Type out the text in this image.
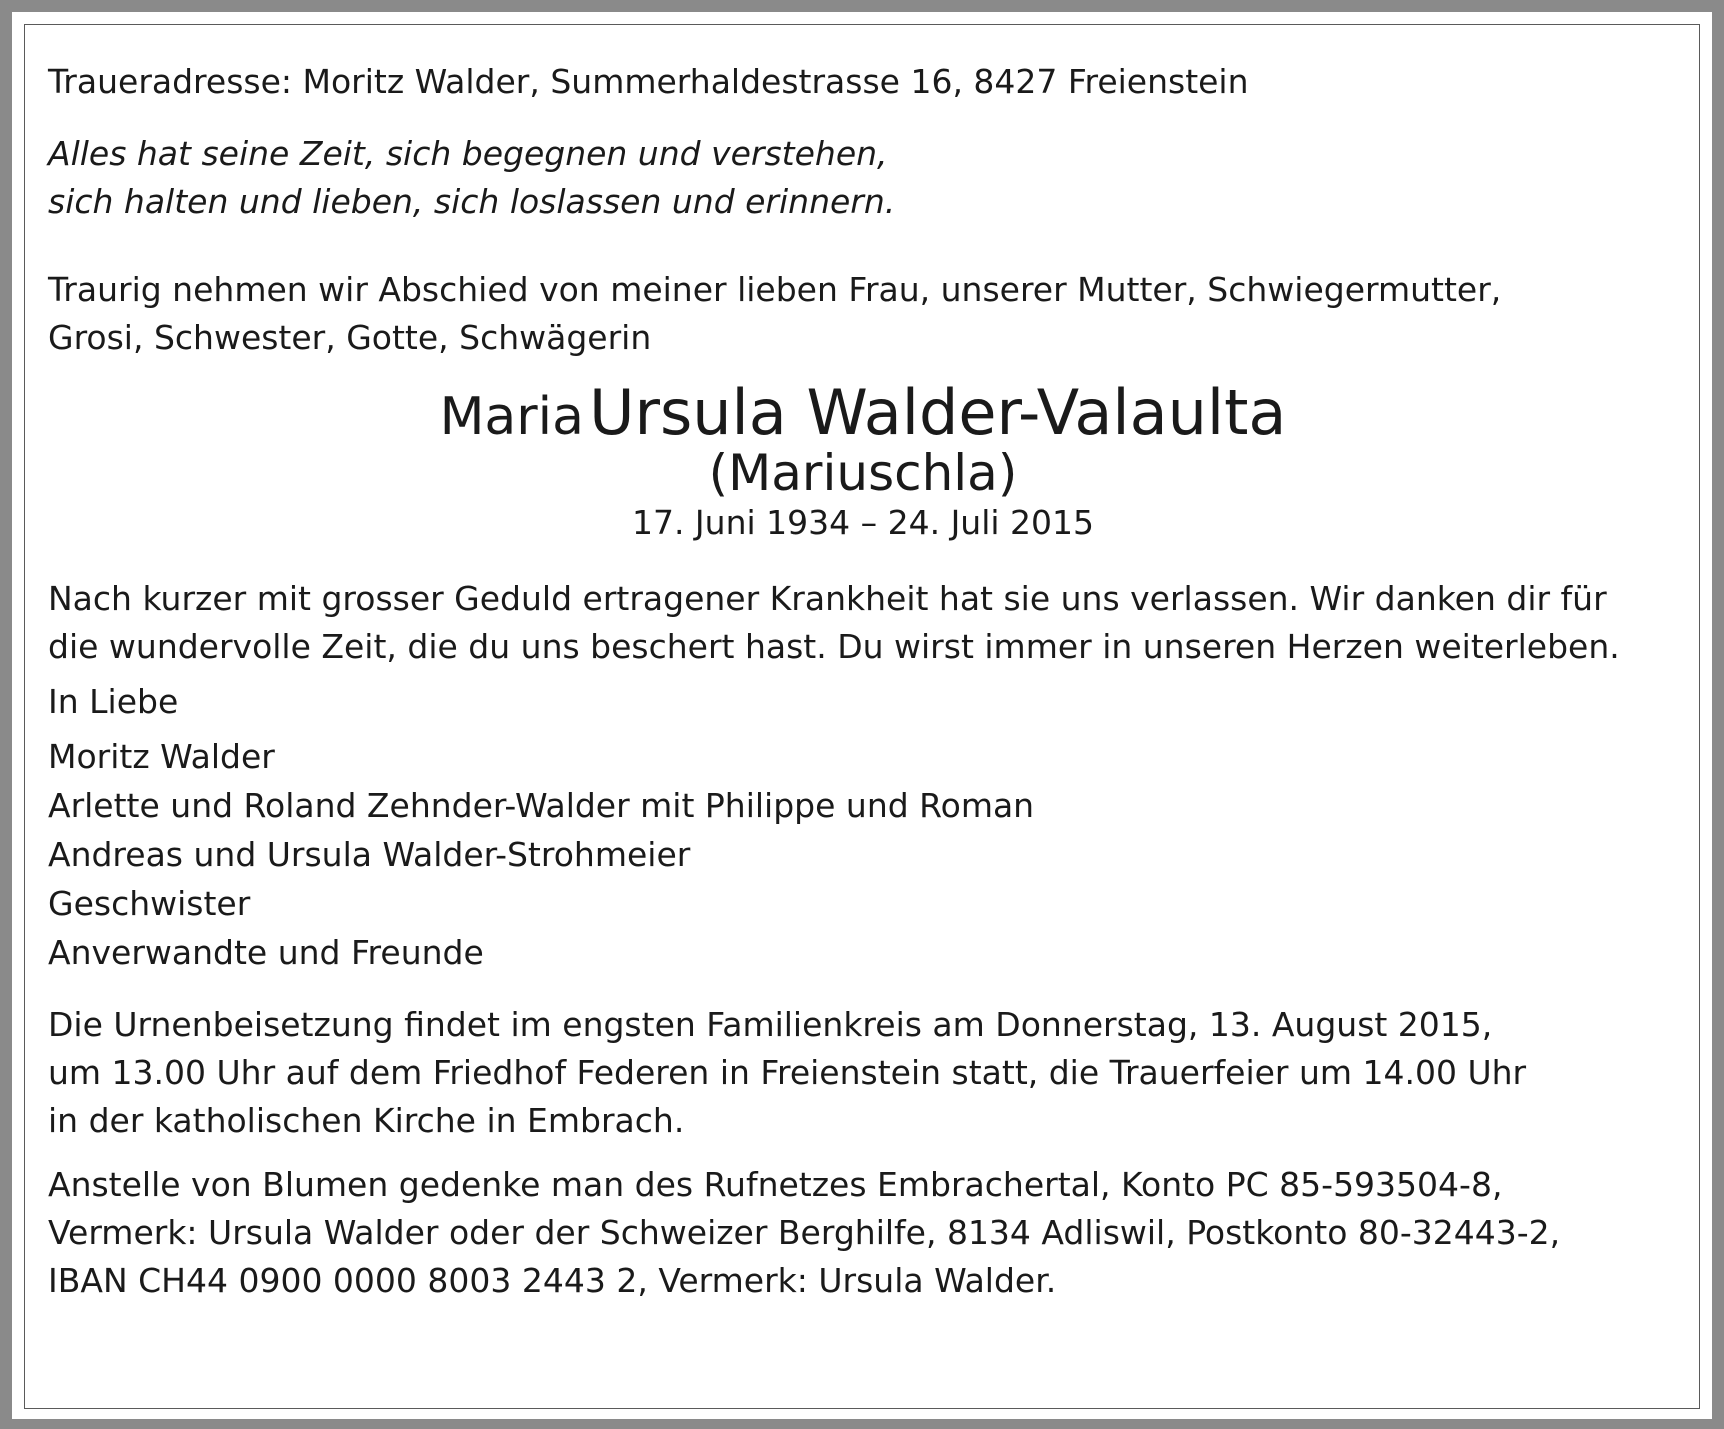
Traueradresse: Moritz Walder, Summerhaldestrasse 16, 8427 Freienstein

Alles hat seine Zeit, sich begegnen und verstehen,

sich halten und lieben, sich loslassen und erinnern.

Traurig nehmen wir Abschied von meiner lieben Frau, unserer Mutter, Schwiegermutter,

Grosi, Schwester, Gotte, Schwägerin

Maria Ursula Walder-Valaulta

(Mariuschla)

17. Juni 1934 – 24. Juli 2015

Nach kurzer mit grosser Geduld ertragener Krankheit hat sie uns verlassen. Wir danken dir für

die wundervolle Zeit, die du uns beschert hast. Du wirst immer in unseren Herzen weiterleben.

In Liebe

Moritz Walder

Arlette und Roland Zehnder-Walder mit Philippe und Roman

Andreas und Ursula Walder-Strohmeier

Geschwister

Anverwandte und Freunde

Die Urnenbeisetzung findet im engsten Familienkreis am Donnerstag, 13. August 2015,

um 13.00 Uhr auf dem Friedhof Federen in Freienstein statt, die Trauerfeier um 14.00 Uhr

in der katholischen Kirche in Embrach.

Anstelle von Blumen gedenke man des Rufnetzes Embrachertal, Konto PC 85-593504-8,

Vermerk: Ursula Walder oder der Schweizer Berghilfe, 8134 Adliswil, Postkonto 80-32443-2,

IBAN CH44 0900 0000 8003 2443 2, Vermerk: Ursula Walder.
